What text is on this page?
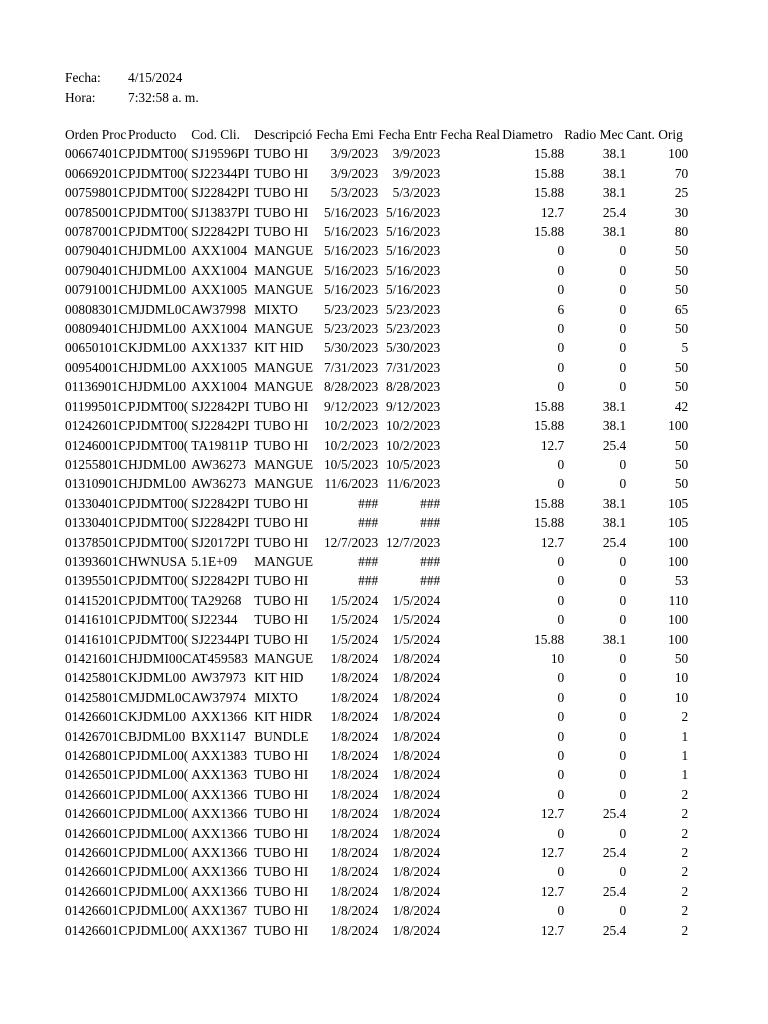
Fecha: 4/15/2024
Hora: 7:32:58 a. m.
Orden Proc	Producto	Cod. Cli.	Descripció	Fecha Emi	Fecha Entr	Fecha Real	Diametro	Radio Mec	Cant. Orig
00667401C	PJDMT00(	SJ19596PI	TUBO HI	3/9/2023	3/9/2023		15.88	38.1	100
00669201C	PJDMT00(	SJ22344PI	TUBO HI	3/9/2023	3/9/2023		15.88	38.1	70
00759801C	PJDMT00(	SJ22842PI	TUBO HI	5/3/2023	5/3/2023		15.88	38.1	25
00785001C	PJDMT00(	SJ13837PI	TUBO HI	5/16/2023	5/16/2023		12.7	25.4	30
00787001C	PJDMT00(	SJ22842PI	TUBO HI	5/16/2023	5/16/2023		15.88	38.1	80
00790401C	HJDML00	AXX1004	MANGUE	5/16/2023	5/16/2023		0	0	50
00790401C	HJDML00	AXX1004	MANGUE	5/16/2023	5/16/2023		0	0	50
00791001C	HJDML00	AXX1005	MANGUE	5/16/2023	5/16/2023		0	0	50
00808301C	MJDML0C	AW37998	MIXTO	5/23/2023	5/23/2023		6	0	65
00809401C	HJDML00	AXX1004	MANGUE	5/23/2023	5/23/2023		0	0	50
00650101C	KJDML00	AXX1337	KIT HID	5/30/2023	5/30/2023		0	0	5
00954001C	HJDML00	AXX1005	MANGUE	7/31/2023	7/31/2023		0	0	50
01136901C	HJDML00	AXX1004	MANGUE	8/28/2023	8/28/2023		0	0	50
01199501C	PJDMT00(	SJ22842PI	TUBO HI	9/12/2023	9/12/2023		15.88	38.1	42
01242601C	PJDMT00(	SJ22842PI	TUBO HI	10/2/2023	10/2/2023		15.88	38.1	100
01246001C	PJDMT00(	TA19811P	TUBO HI	10/2/2023	10/2/2023		12.7	25.4	50
01255801C	HJDML00	AW36273	MANGUE	10/5/2023	10/5/2023		0	0	50
01310901C	HJDML00	AW36273	MANGUE	11/6/2023	11/6/2023		0	0	50
01330401C	PJDMT00(	SJ22842PI	TUBO HI	###	###		15.88	38.1	105
01330401C	PJDMT00(	SJ22842PI	TUBO HI	###	###		15.88	38.1	105
01378501C	PJDMT00(	SJ20172PI	TUBO HI	12/7/2023	12/7/2023		12.7	25.4	100
01393601C	HWNUSA	5.1E+09	MANGUE	###	###		0	0	100
01395501C	PJDMT00(	SJ22842PI	TUBO HI	###	###		0	0	53
01415201C	PJDMT00(	TA29268	TUBO HI	1/5/2024	1/5/2024		0	0	110
01416101C	PJDMT00(	SJ22344	TUBO HI	1/5/2024	1/5/2024		0	0	100
01416101C	PJDMT00(	SJ22344PI	TUBO HI	1/5/2024	1/5/2024		15.88	38.1	100
01421601C	HJDMI00C	AT459583	MANGUE	1/8/2024	1/8/2024		10	0	50
01425801C	KJDML00	AW37973	KIT HID	1/8/2024	1/8/2024		0	0	10
01425801C	MJDML0C	AW37974	MIXTO	1/8/2024	1/8/2024		0	0	10
01426601C	KJDML00	AXX1366	KIT HIDR	1/8/2024	1/8/2024		0	0	2
01426701C	BJDML00	BXX1147	BUNDLE	1/8/2024	1/8/2024		0	0	1
01426801C	PJDML00(	AXX1383	TUBO HI	1/8/2024	1/8/2024		0	0	1
01426501C	PJDML00(	AXX1363	TUBO HI	1/8/2024	1/8/2024		0	0	1
01426601C	PJDML00(	AXX1366	TUBO HI	1/8/2024	1/8/2024		0	0	2
01426601C	PJDML00(	AXX1366	TUBO HI	1/8/2024	1/8/2024		12.7	25.4	2
01426601C	PJDML00(	AXX1366	TUBO HI	1/8/2024	1/8/2024		0	0	2
01426601C	PJDML00(	AXX1366	TUBO HI	1/8/2024	1/8/2024		12.7	25.4	2
01426601C	PJDML00(	AXX1366	TUBO HI	1/8/2024	1/8/2024		0	0	2
01426601C	PJDML00(	AXX1366	TUBO HI	1/8/2024	1/8/2024		12.7	25.4	2
01426601C	PJDML00(	AXX1367	TUBO HI	1/8/2024	1/8/2024		0	0	2
01426601C	PJDML00(	AXX1367	TUBO HI	1/8/2024	1/8/2024		12.7	25.4	2
